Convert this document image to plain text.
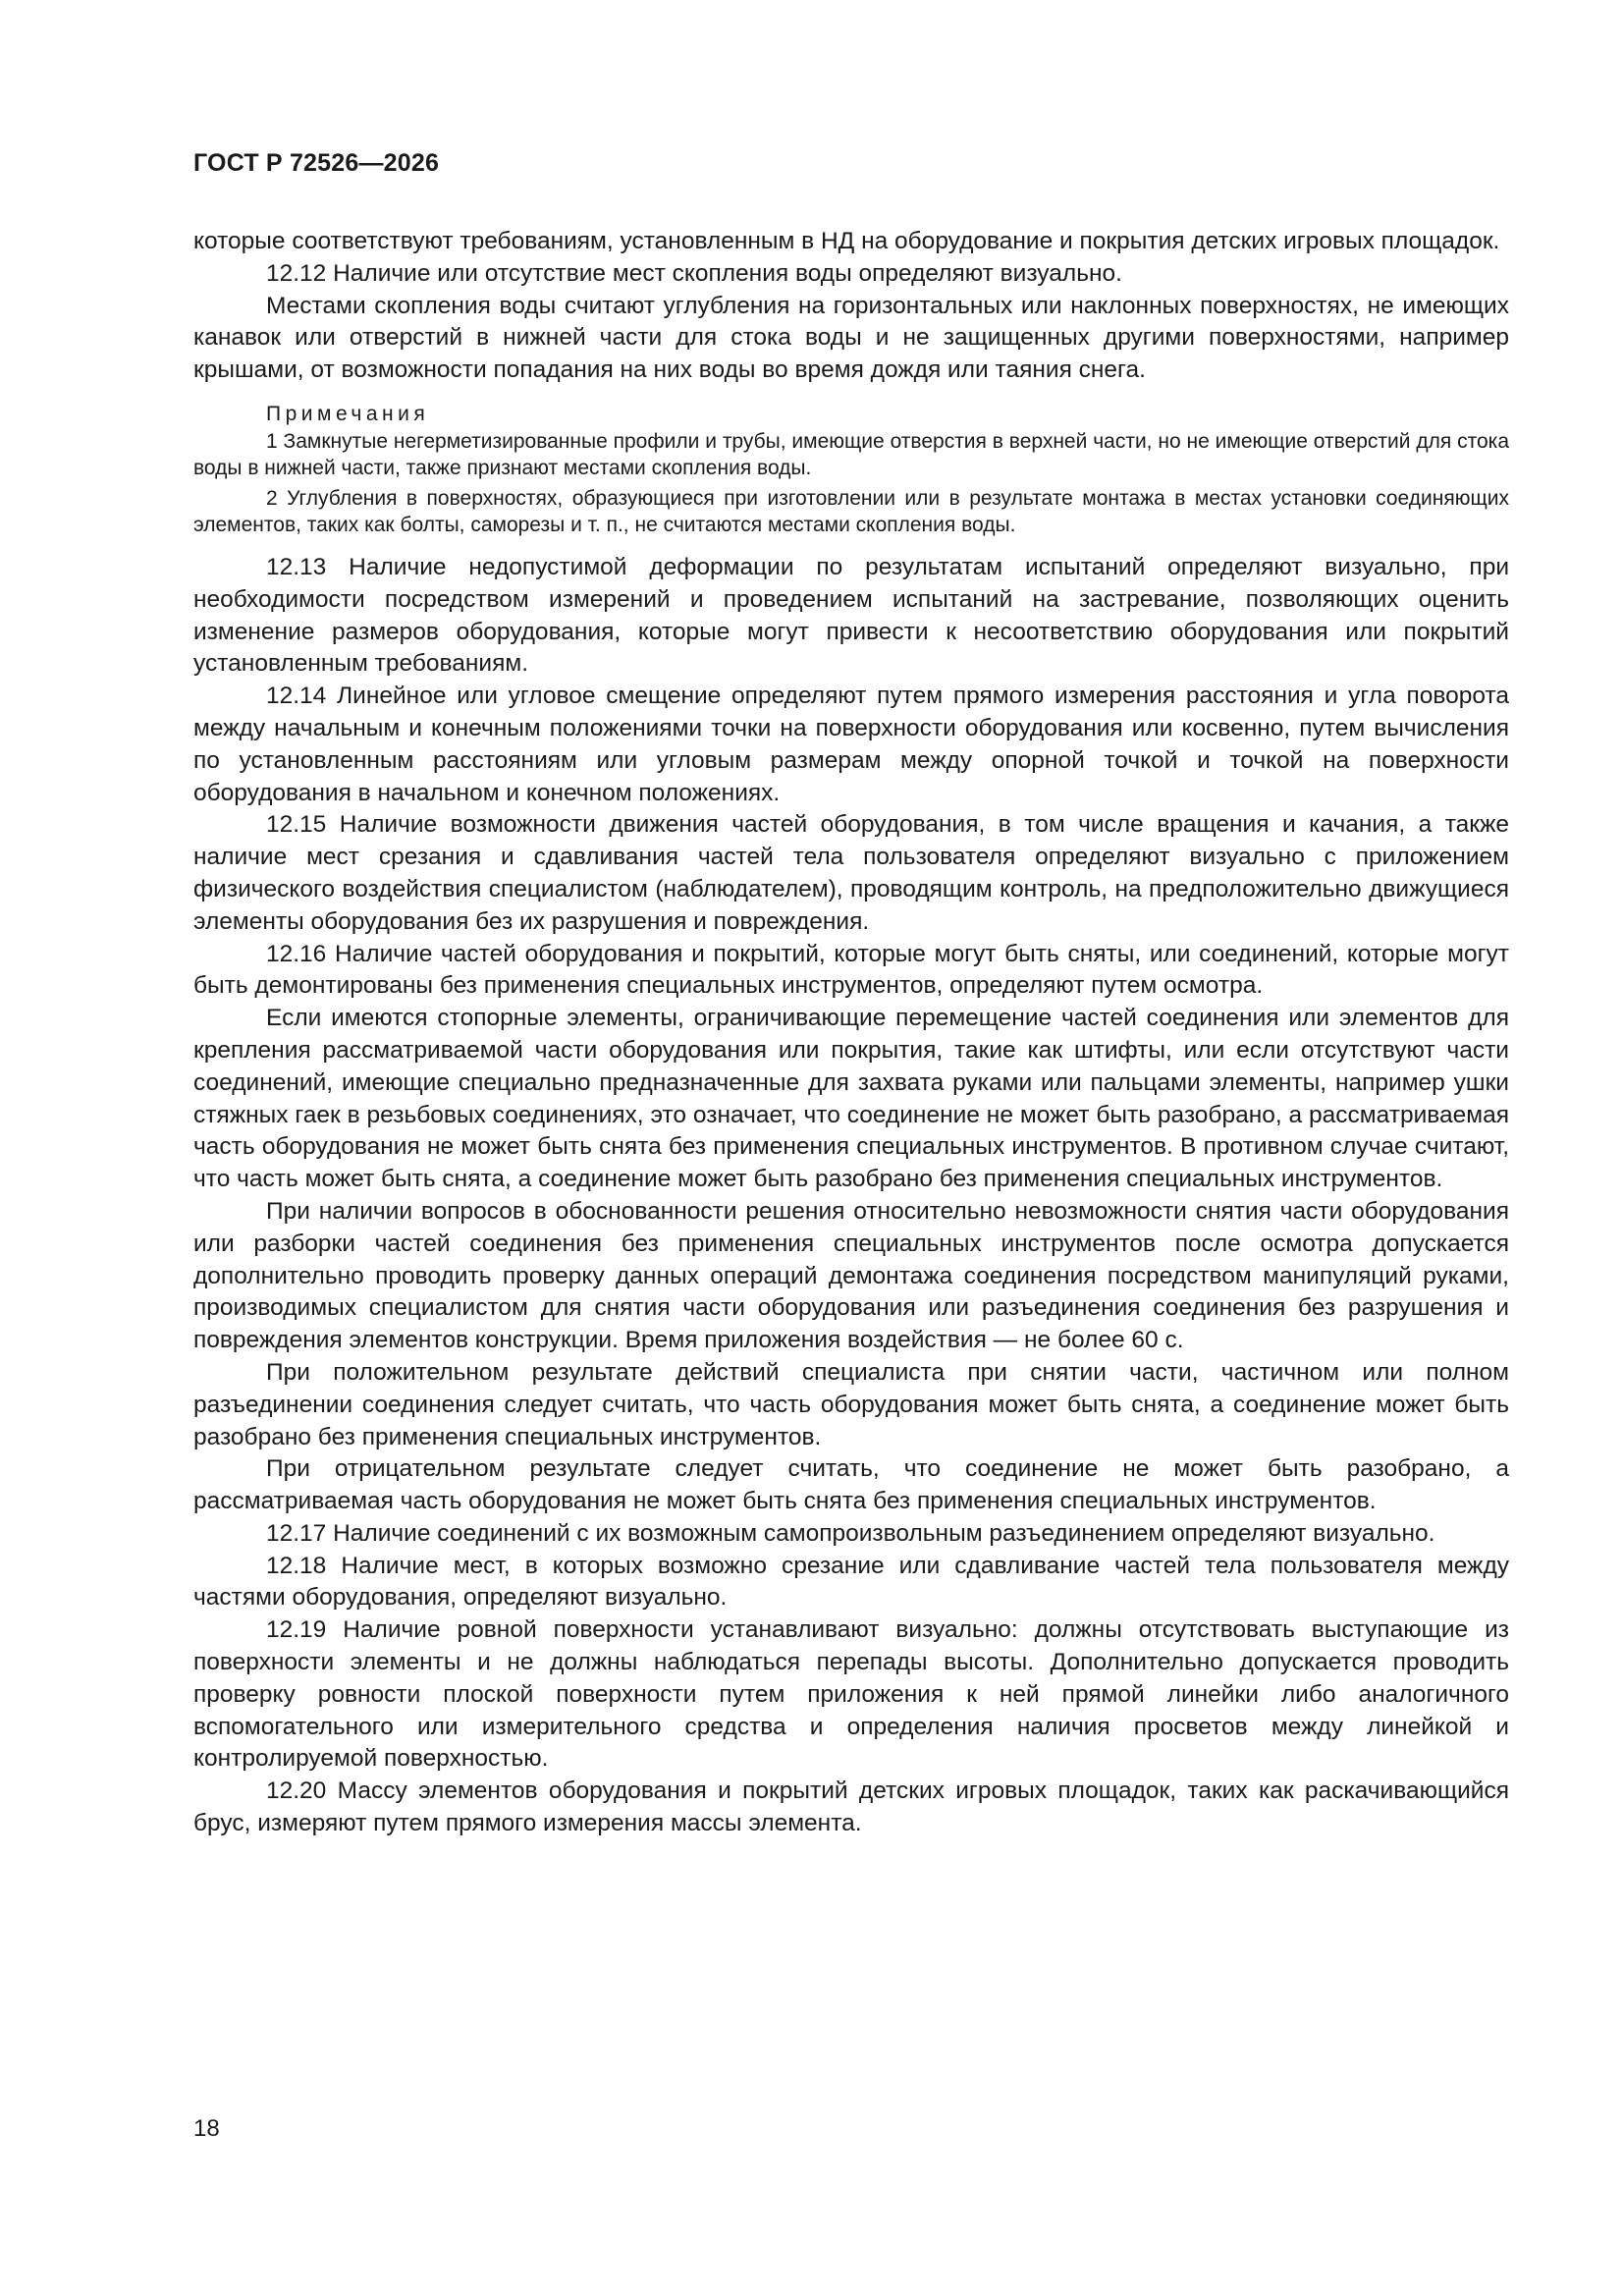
ГОСТ Р 72526—2026

которые соответствуют требованиям, установленным в НД на оборудование и покрытия детских игровых площадок.

12.12 Наличие или отсутствие мест скопления воды определяют визуально.

Местами скопления воды считают углубления на горизонтальных или наклонных поверхностях, не имеющих канавок или отверстий в нижней части для стока воды и не защищенных другими поверхностями, например крышами, от возможности попадания на них воды во время дождя или таяния снега.

Примечания

1 Замкнутые негерметизированные профили и трубы, имеющие отверстия в верхней части, но не имеющие отверстий для стока воды в нижней части, также признают местами скопления воды.

2 Углубления в поверхностях, образующиеся при изготовлении или в результате монтажа в местах установки соединяющих элементов, таких как болты, саморезы и т. п., не считаются местами скопления воды.

12.13 Наличие недопустимой деформации по результатам испытаний определяют визуально, при необходимости посредством измерений и проведением испытаний на застревание, позволяющих оценить изменение размеров оборудования, которые могут привести к несоответствию оборудования или покрытий установленным требованиям.

12.14 Линейное или угловое смещение определяют путем прямого измерения расстояния и угла поворота между начальным и конечным положениями точки на поверхности оборудования или косвенно, путем вычисления по установленным расстояниям или угловым размерам между опорной точкой и точкой на поверхности оборудования в начальном и конечном положениях.

12.15 Наличие возможности движения частей оборудования, в том числе вращения и качания, а также наличие мест срезания и сдавливания частей тела пользователя определяют визуально с приложением физического воздействия специалистом (наблюдателем), проводящим контроль, на предположительно движущиеся элементы оборудования без их разрушения и повреждения.

12.16 Наличие частей оборудования и покрытий, которые могут быть сняты, или соединений, которые могут быть демонтированы без применения специальных инструментов, определяют путем осмотра.

Если имеются стопорные элементы, ограничивающие перемещение частей соединения или элементов для крепления рассматриваемой части оборудования или покрытия, такие как штифты, или если отсутствуют части соединений, имеющие специально предназначенные для захвата руками или пальцами элементы, например ушки стяжных гаек в резьбовых соединениях, это означает, что соединение не может быть разобрано, а рассматриваемая часть оборудования не может быть снята без применения специальных инструментов. В противном случае считают, что часть может быть снята, а соединение может быть разобрано без применения специальных инструментов.

При наличии вопросов в обоснованности решения относительно невозможности снятия части оборудования или разборки частей соединения без применения специальных инструментов после осмотра допускается дополнительно проводить проверку данных операций демонтажа соединения посредством манипуляций руками, производимых специалистом для снятия части оборудования или разъединения соединения без разрушения и повреждения элементов конструкции. Время приложения воздействия — не более 60 с.

При положительном результате действий специалиста при снятии части, частичном или полном разъединении соединения следует считать, что часть оборудования может быть снята, а соединение может быть разобрано без применения специальных инструментов.

При отрицательном результате следует считать, что соединение не может быть разобрано, а рассматриваемая часть оборудования не может быть снята без применения специальных инструментов.

12.17 Наличие соединений с их возможным самопроизвольным разъединением определяют визуально.

12.18 Наличие мест, в которых возможно срезание или сдавливание частей тела пользователя между частями оборудования, определяют визуально.

12.19 Наличие ровной поверхности устанавливают визуально: должны отсутствовать выступающие из поверхности элементы и не должны наблюдаться перепады высоты. Дополнительно допускается проводить проверку ровности плоской поверхности путем приложения к ней прямой линейки либо аналогичного вспомогательного или измерительного средства и определения наличия просветов между линейкой и контролируемой поверхностью.

12.20 Массу элементов оборудования и покрытий детских игровых площадок, таких как раскачивающийся брус, измеряют путем прямого измерения массы элемента.

18
